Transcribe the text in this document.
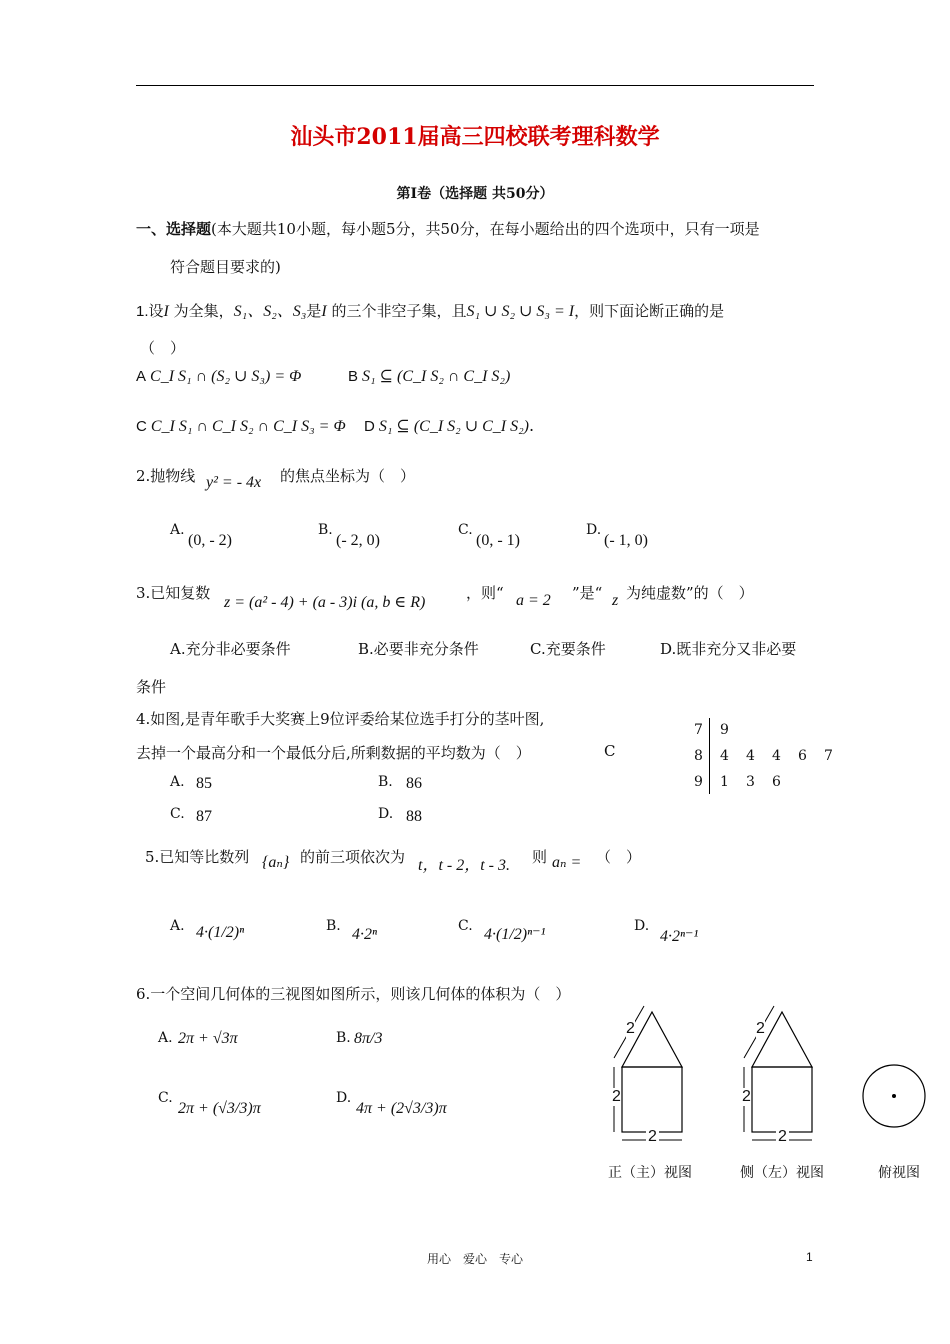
汕头市2011届高三四校联考理科数学
第Ⅰ卷（选择题 共50分）
一、选择题(本大题共10小题，每小题5分，共50分，在每小题给出的四个选项中，只有一项是
符合题目要求的)
1.设I 为全集，S₁、S₂、S₃是I 的三个非空子集，且S₁ ∪ S₂ ∪ S₃ = I，则下面论断正确的是
（　）
A C_I S₁ ∩ (S₂ ∪ S₃) = Φ	B S₁ ⊆ (C_I S₂ ∩ C_I S₂)
C C_I S₁ ∩ C_I S₂ ∩ C_I S₃ = Φ D S₁ ⊆ (C_I S₂ ∪ C_I S₂).
2.抛物线 y² = - 4x 的焦点坐标为（　）
A.
(0, - 2)
B.
(- 2, 0)
C.
(0, - 1)
D.
(- 1, 0)
3.已知复数
z = (a² - 4) + (a - 3)i (a, b ∈ R)
，则“ a = 2 ”是“ z 为纯虚数”的（　）
A.充分非必要条件	B.必要非充分条件	C.充要条件	D.既非充分又非必要
条件
4.如图,是青年歌手大奖赛上9位评委给某位选手打分的茎叶图,
去掉一个最高分和一个最低分后,所剩数据的平均数为（　）	C
A. 85	B. 86
C. 87	D. 88
7 9
8 4 4 4 6 7
9 1 3 6
5.已知等比数列 {aₙ} 的前三项依次为 t，t - 2，t - 3. 则 aₙ = （　）
A. 4·(1/2)ⁿ	B. 4·2ⁿ	C. 4·(1/2)ⁿ⁻¹	D.
4·2ⁿ⁻¹
6.一个空间几何体的三视图如图所示，则该几何体的体积为（　）
A. 2π + √3π	B. 8π/3
C.
2π + (√3/3)π
D.
4π + (2√3/3)π
2
2
2
正（主）视图
2
2
2
侧（左）视图	俯视图
用心　爱心　专心	1
